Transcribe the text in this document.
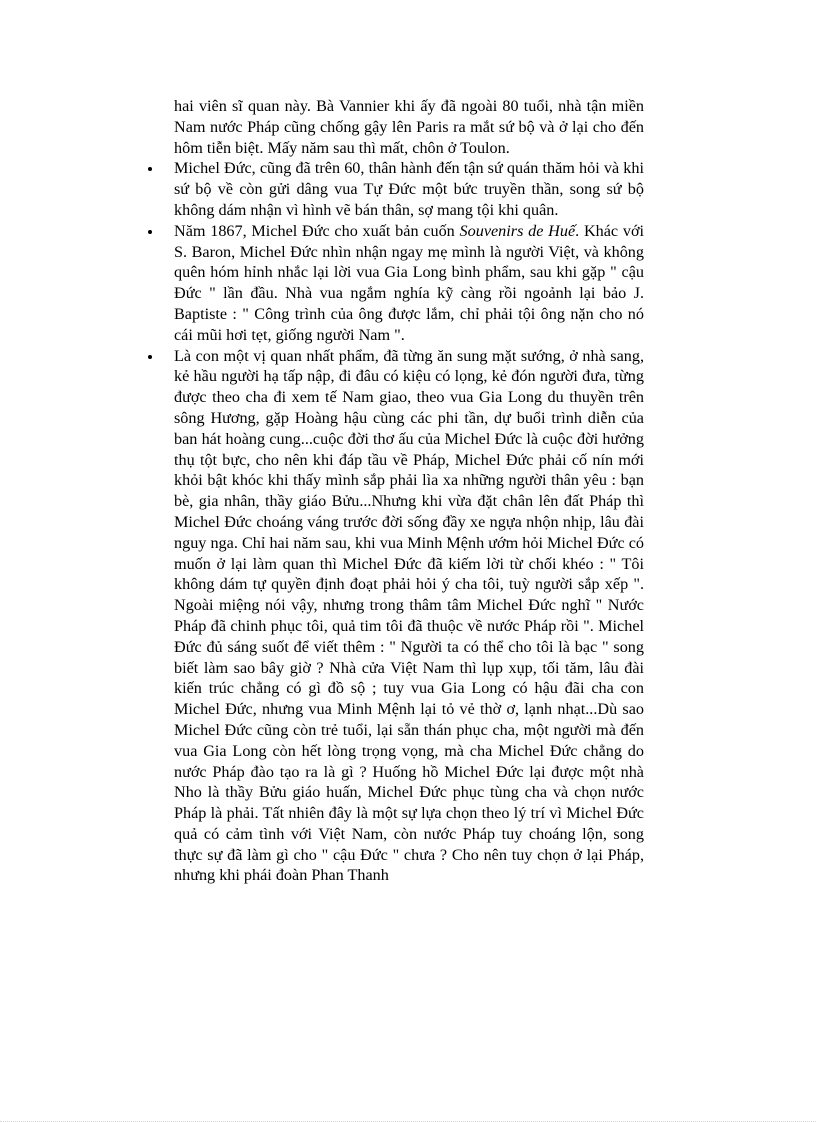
hai viên sĩ quan này. Bà Vannier khi ấy đã ngoài 80 tuổi, nhà tận miền Nam nước Pháp cũng chống gậy lên Paris ra mắt sứ bộ và ở lại cho đến hôm tiễn biệt. Mấy năm sau thì mất, chôn ở Toulon.

Michel Đức, cũng đã trên 60, thân hành đến tận sứ quán thăm hỏi và khi sứ bộ về còn gửi dâng vua Tự Đức một bức truyền thần, song sứ bộ không dám nhận vì hình vẽ bán thân, sợ mang tội khi quân.
Năm 1867, Michel Đức cho xuất bản cuốn Souvenirs de Huế. Khác với S. Baron, Michel Đức nhìn nhận ngay mẹ mình là người Việt, và không quên hóm hỉnh nhắc lại lời vua Gia Long bình phẩm, sau khi gặp " cậu Đức " lần đầu. Nhà vua ngắm nghía kỹ càng rồi ngoảnh lại bảo J. Baptiste : " Công trình của ông được lắm, chỉ phải tội ông nặn cho nó cái mũi hơi tẹt, giống người Nam ".
Là con một vị quan nhất phẩm, đã từng ăn sung mặt sướng, ở nhà sang, kẻ hầu người hạ tấp nập, đi đâu có kiệu có lọng, kẻ đón người đưa, từng được theo cha đi xem tế Nam giao, theo vua Gia Long du thuyền trên sông Hương, gặp Hoàng hậu cùng các phi tần, dự buổi trình diễn của ban hát hoàng cung...cuộc đời thơ ấu của Michel Đức là cuộc đời hưởng thụ tột bực, cho nên khi đáp tầu về Pháp, Michel Đức phải cố nín mới khỏi bật khóc khi thấy mình sắp phải lìa xa những người thân yêu : bạn bè, gia nhân, thầy giáo Bửu...Nhưng khi vừa đặt chân lên đất Pháp thì Michel Đức choáng váng trước đời sống đầy xe ngựa nhộn nhịp, lâu đài nguy nga. Chỉ hai năm sau, khi vua Minh Mệnh ướm hỏi Michel Đức có muốn ở lại làm quan thì Michel Đức đã kiếm lời từ chối khéo : " Tôi không dám tự quyền định đoạt phải hỏi ý cha tôi, tuỳ người sắp xếp ". Ngoài miệng nói vậy, nhưng trong thâm tâm Michel Đức nghĩ " Nước Pháp đã chinh phục tôi, quả tim tôi đã thuộc về nước Pháp rồi ". Michel Đức đủ sáng suốt để viết thêm : " Người ta có thể cho tôi là bạc " song biết làm sao bây giờ ? Nhà cửa Việt Nam thì lụp xụp, tối tăm, lâu đài kiến trúc chẳng có gì đồ sộ ; tuy vua Gia Long có hậu đãi cha con Michel Đức, nhưng vua Minh Mệnh lại tỏ vẻ thờ ơ, lạnh nhạt...Dù sao Michel Đức cũng còn trẻ tuổi, lại sẵn thán phục cha, một người mà đến vua Gia Long còn hết lòng trọng vọng, mà cha Michel Đức chẳng do nước Pháp đào tạo ra là gì ? Huống hồ Michel Đức lại được một nhà Nho là thầy Bửu giáo huấn, Michel Đức phục tùng cha và chọn nước Pháp là phải. Tất nhiên đây là một sự lựa chọn theo lý trí vì Michel Đức quả có cảm tình với Việt Nam, còn nước Pháp tuy choáng lộn, song thực sự đã làm gì cho " cậu Đức " chưa ? Cho nên tuy chọn ở lại Pháp, nhưng khi phái đoàn Phan Thanh
